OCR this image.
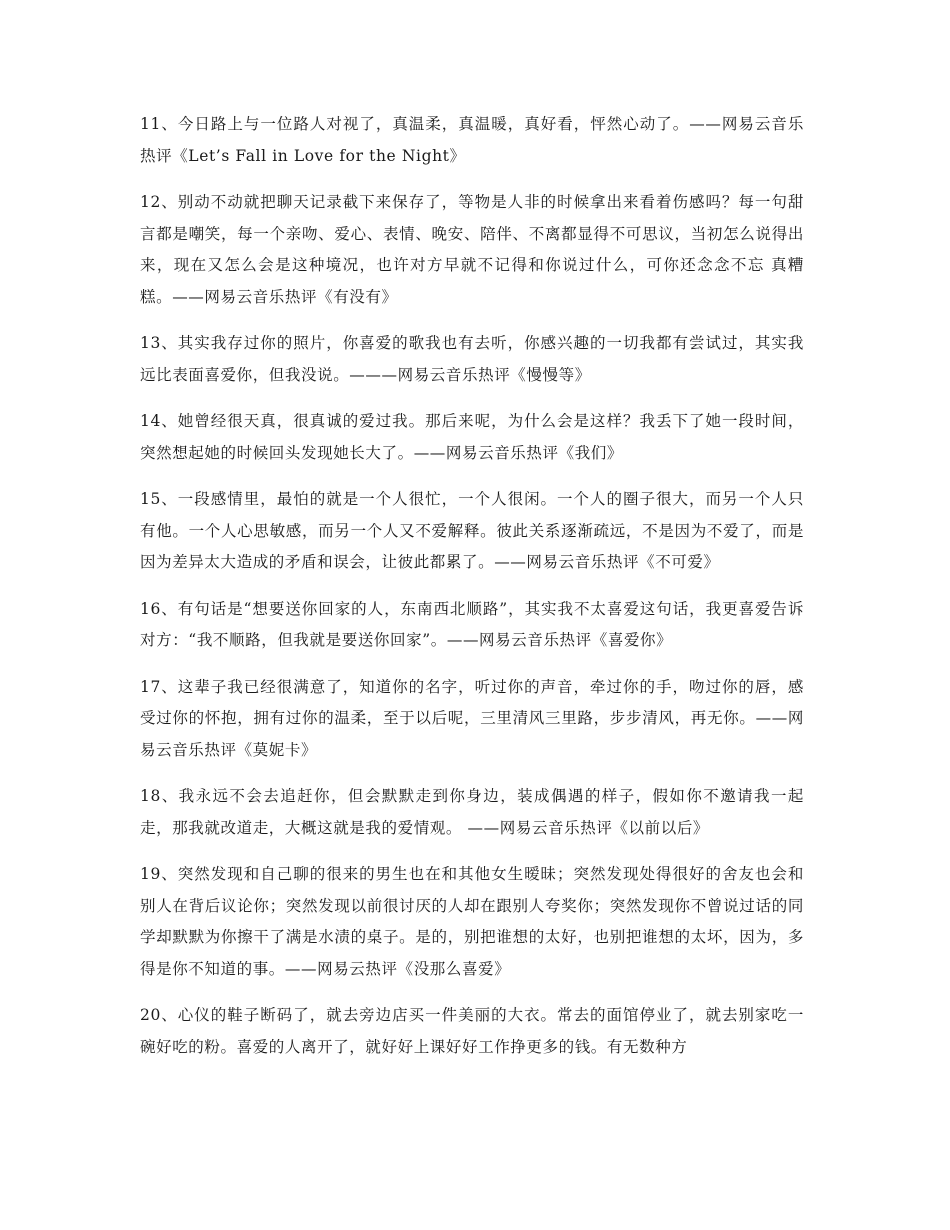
11、今日路上与一位路人对视了，真温柔，真温暖，真好看，怦然心动了。——网易云音乐热评《Let’s Fall in Love for the Night》

12、别动不动就把聊天记录截下来保存了，等物是人非的时候拿出来看着伤感吗？每一句甜言都是嘲笑，每一个亲吻、爱心、表情、晚安、陪伴、不离都显得不可思议，当初怎么说得出来，现在又怎么会是这种境况，也许对方早就不记得和你说过什么，可你还念念不忘 真糟糕。——网易云音乐热评《有没有》

13、其实我存过你的照片，你喜爱的歌我也有去听，你感兴趣的一切我都有尝试过，其实我远比表面喜爱你，但我没说。———网易云音乐热评《慢慢等》

14、她曾经很天真，很真诚的爱过我。那后来呢，为什么会是这样？我丢下了她一段时间，突然想起她的时候回头发现她长大了。——网易云音乐热评《我们》

15、一段感情里，最怕的就是一个人很忙，一个人很闲。一个人的圈子很大，而另一个人只有他。一个人心思敏感，而另一个人又不爱解释。彼此关系逐渐疏远，不是因为不爱了，而是因为差异太大造成的矛盾和误会，让彼此都累了。——网易云音乐热评《不可爱》

16、有句话是“想要送你回家的人，东南西北顺路”，其实我不太喜爱这句话，我更喜爱告诉对方：“我不顺路，但我就是要送你回家”。——网易云音乐热评《喜爱你》

17、这辈子我已经很满意了，知道你的名字，听过你的声音，牵过你的手，吻过你的唇，感受过你的怀抱，拥有过你的温柔，至于以后呢，三里清风三里路，步步清风，再无你。——网易云音乐热评《莫妮卡》

18、我永远不会去追赶你，但会默默走到你身边，装成偶遇的样子，假如你不邀请我一起走，那我就改道走，大概这就是我的爱情观。 ——网易云音乐热评《以前以后》

19、突然发现和自己聊的很来的男生也在和其他女生暧昧；突然发现处得很好的舍友也会和别人在背后议论你；突然发现以前很讨厌的人却在跟别人夸奖你；突然发现你不曾说过话的同学却默默为你擦干了满是水渍的桌子。是的，别把谁想的太好，也别把谁想的太坏，因为，多得是你不知道的事。——网易云热评《没那么喜爱》

20、心仪的鞋子断码了，就去旁边店买一件美丽的大衣。常去的面馆停业了，就去别家吃一碗好吃的粉。喜爱的人离开了，就好好上课好好工作挣更多的钱。有无数种方
